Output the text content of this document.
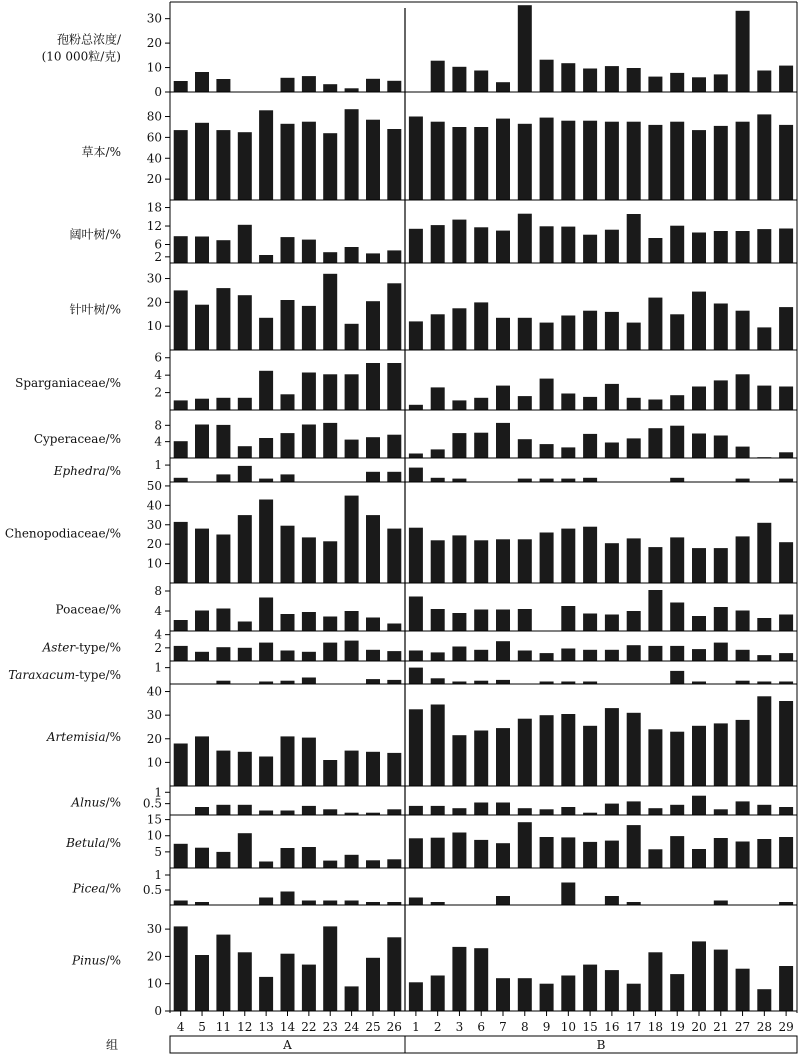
30
20
10
0
孢粉总浓度/
(10 000粒/克)
80
60
40
20
草本/%
18
12
6
2
阔叶树/%
30
20
10
针叶树/%
6
4
2
Sparganiaceae/%
8
4
Cyperaceae/%
1
Ephedra/%
50
40
30
20
10
Chenopodiaceae/%
8
4
Poaceae/%
4
2
Aster-type/%
1
Taraxacum-type/%
40
30
20
10
Artemisia/%
1
0.5
Alnus/%
15
10
5
Betula/%
1
0.5
Picea/%
30
20
10
0
Pinus/%
4 5 11 12 13 14 22 23 24 25 26 1 2 3 6 7 8 9 10 15 16 17 18 19 20 21 27 28 29
组	A	B
